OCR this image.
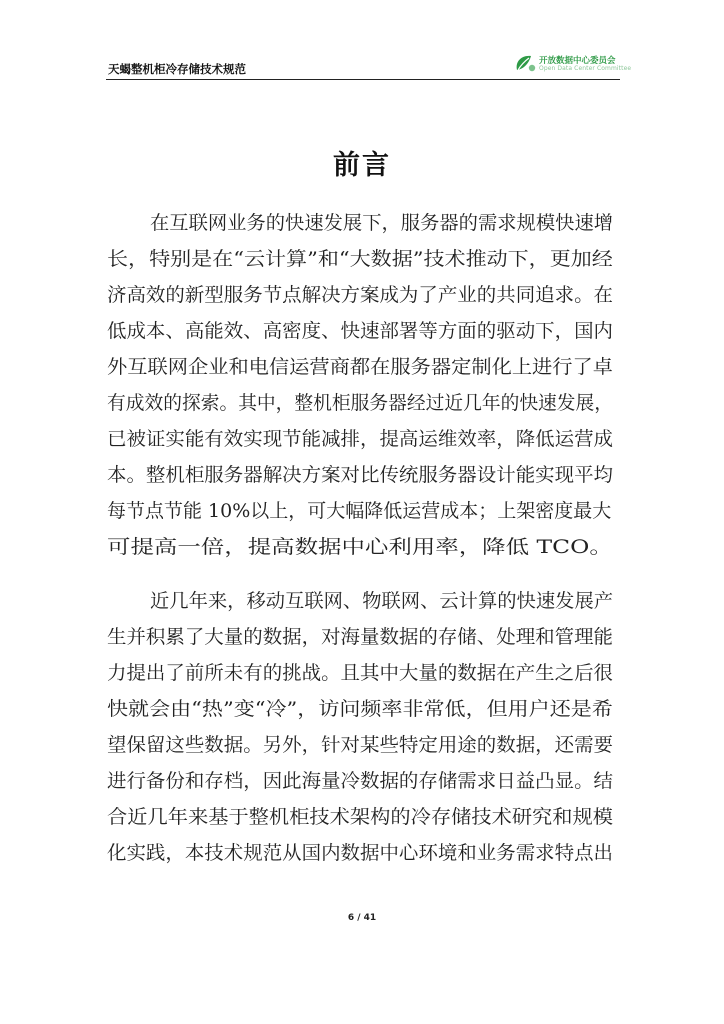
天蝎整机柜冷存储技术规范
开放数据中心委员会
Open Data Center Committee
前言
在互联网业务的快速发展下，服务器的需求规模快速增
长，特别是在“云计算”和“大数据”技术推动下，更加经
济高效的新型服务节点解决方案成为了产业的共同追求。在
低成本、高能效、高密度、快速部署等方面的驱动下，国内
外互联网企业和电信运营商都在服务器定制化上进行了卓
有成效的探索。其中，整机柜服务器经过近几年的快速发展，
已被证实能有效实现节能减排，提高运维效率，降低运营成
本。整机柜服务器解决方案对比传统服务器设计能实现平均
每节点节能 10%以上，可大幅降低运营成本；上架密度最大
可提高一倍，提高数据中心利用率，降低 TCO。
近几年来，移动互联网、物联网、云计算的快速发展产
生并积累了大量的数据，对海量数据的存储、处理和管理能
力提出了前所未有的挑战。且其中大量的数据在产生之后很
快就会由“热”变“冷”，访问频率非常低，但用户还是希
望保留这些数据。另外，针对某些特定用途的数据，还需要
进行备份和存档，因此海量冷数据的存储需求日益凸显。结
合近几年来基于整机柜技术架构的冷存储技术研究和规模
化实践，本技术规范从国内数据中心环境和业务需求特点出
6 / 41
